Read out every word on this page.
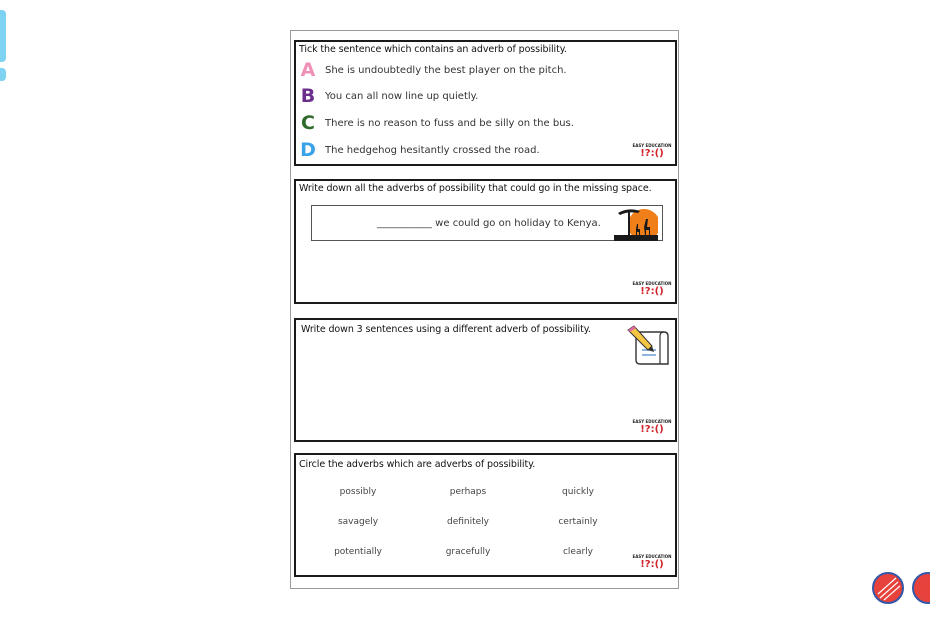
Tick the sentence which contains an adverb of possibility.
A She is undoubtedly the best player on the pitch.
B You can all now line up quietly.
C There is no reason to fuss and be silly on the bus.
D The hedgehog hesitantly crossed the road.	EASY EDUCATION
!?:()
Write down all the adverbs of possibility that could go in the missing space.
___________ we could go on holiday to Kenya.
EASY EDUCATION
!?:()
Write down 3 sentences using a different adverb of possibility.
EASY EDUCATION
!?:()
Circle the adverbs which are adverbs of possibility.
possibly	perhaps	quickly
savagely	definitely	certainly
potentially	gracefully	clearly	EASY EDUCATION
!?:()
